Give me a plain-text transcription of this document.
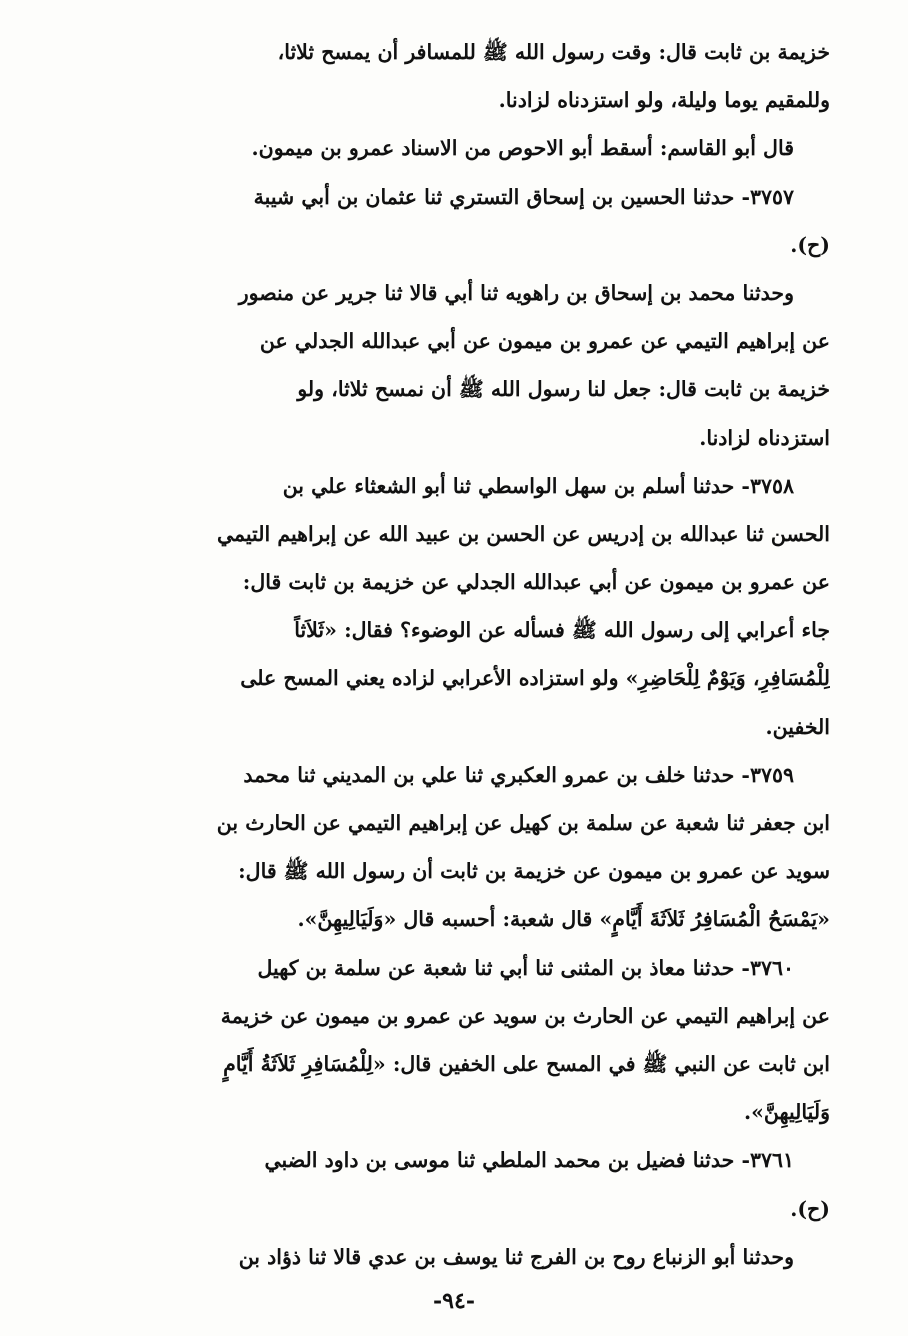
خزيمة بن ثابت قال: وقت رسول الله ﷺ للمسافر أن يمسح ثلاثا،
وللمقيم يوما وليلة، ولو استزدناه لزادنا.
قال أبو القاسم: أسقط أبو الاحوص من الاسناد عمرو بن ميمون.
٣٧٥٧- حدثنا الحسين بن إسحاق التستري ثنا عثمان بن أبي شيبة
(ح).
وحدثنا محمد بن إسحاق بن راهويه ثنا أبي قالا ثنا جرير عن منصور
عن إبراهيم التيمي عن عمرو بن ميمون عن أبي عبدالله الجدلي عن
خزيمة بن ثابت قال: جعل لنا رسول الله ﷺ أن نمسح ثلاثا، ولو
استزدناه لزادنا.
٣٧٥٨- حدثنا أسلم بن سهل الواسطي ثنا أبو الشعثاء علي بن
الحسن ثنا عبدالله بن إدريس عن الحسن بن عبيد الله عن إبراهيم التيمي
عن عمرو بن ميمون عن أبي عبدالله الجدلي عن خزيمة بن ثابت قال:
جاء أعرابي إلى رسول الله ﷺ فسأله عن الوضوء؟ فقال: «ثَلاَثاً
لِلْمُسَافِرِ، وَيَوْمٌ لِلْحَاضِرِ» ولو استزاده الأعرابي لزاده يعني المسح على
الخفين.
٣٧٥٩- حدثنا خلف بن عمرو العكبري ثنا علي بن المديني ثنا محمد
ابن جعفر ثنا شعبة عن سلمة بن كهيل عن إبراهيم التيمي عن الحارث بن
سويد عن عمرو بن ميمون عن خزيمة بن ثابت أن رسول الله ﷺ قال:
«يَمْسَحُ الْمُسَافِرُ ثَلاَثَةَ أَيَّامٍ» قال شعبة: أحسبه قال «وَلَيَالِيهِنَّ».
٣٧٦٠- حدثنا معاذ بن المثنى ثنا أبي ثنا شعبة عن سلمة بن كهيل
عن إبراهيم التيمي عن الحارث بن سويد عن عمرو بن ميمون عن خزيمة
ابن ثابت عن النبي ﷺ في المسح على الخفين قال: «لِلْمُسَافِرِ ثَلاَثَةُ أَيَّامٍ
وَلَيَالِيهِنَّ».
٣٧٦١- حدثنا فضيل بن محمد الملطي ثنا موسى بن داود الضبي
(ح).
وحدثنا أبو الزنباع روح بن الفرج ثنا يوسف بن عدي قالا ثنا ذؤاد بن
-٩٤-
